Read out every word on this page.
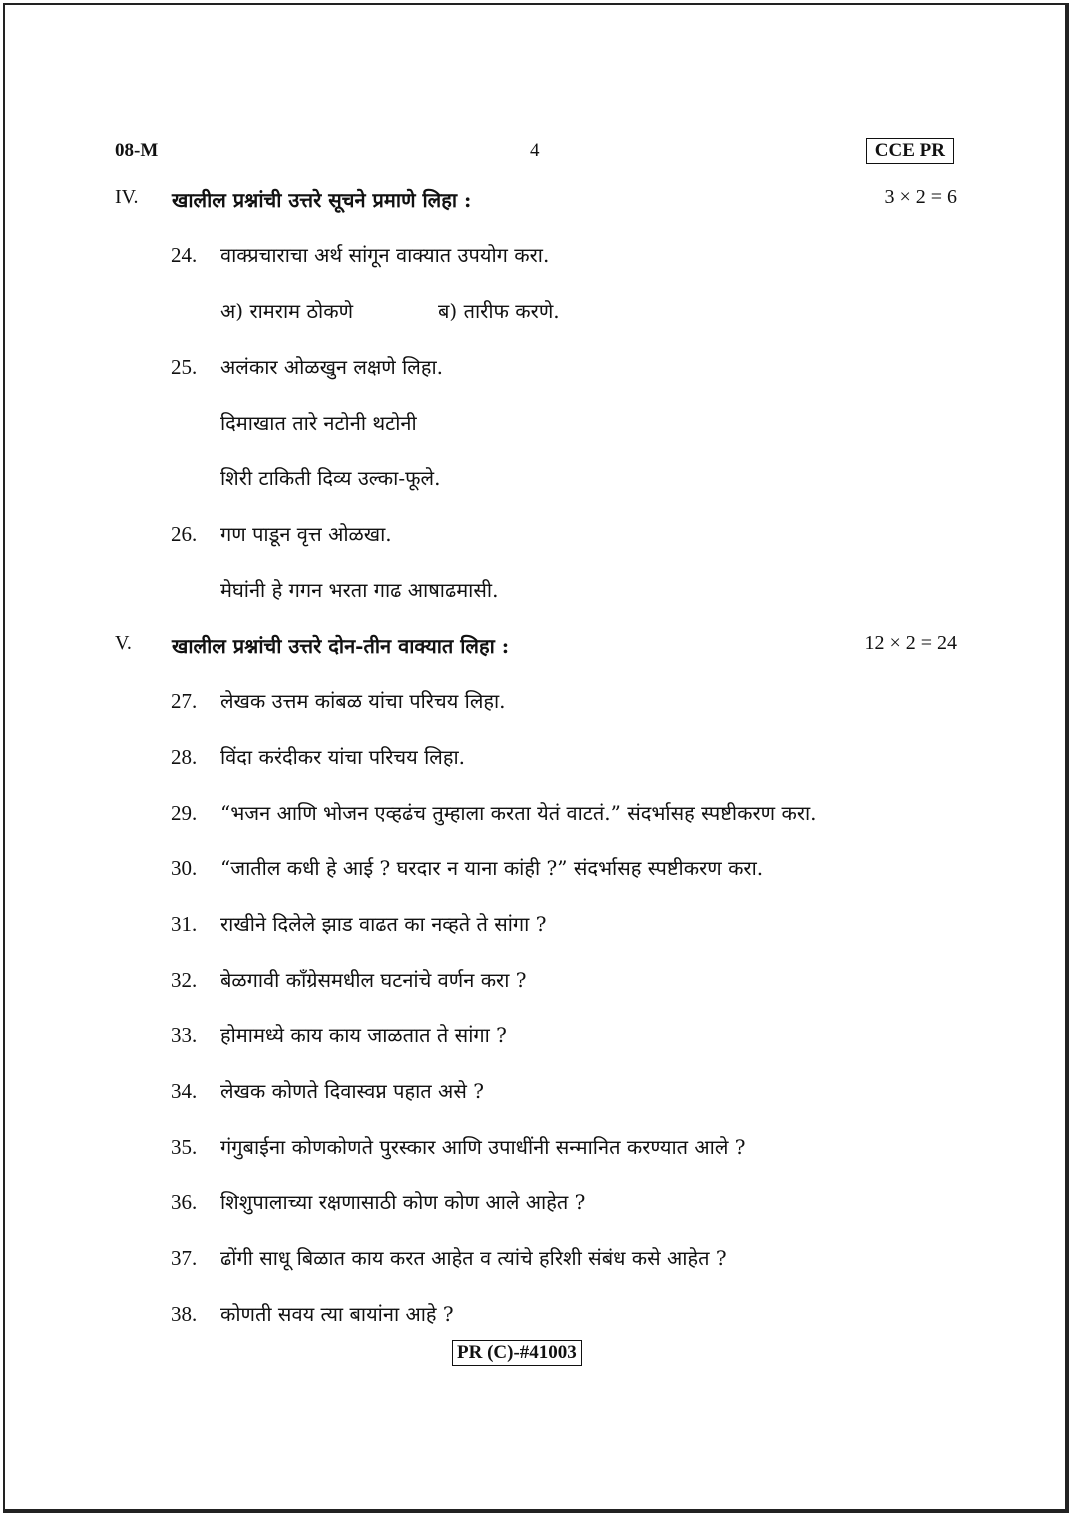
08-M	4	CCE PR
IV. खालील प्रश्नांची उत्तरे सूचने प्रमाणे लिहा :	3 × 2 = 6
24. वाक्प्रचाराचा अर्थ सांगून वाक्यात उपयोग करा.
अ) रामराम ठोकणे	ब) तारीफ करणे.
25. अलंकार ओळखुन लक्षणे लिहा.
दिमाखात तारे नटोनी थटोनी
शिरी टाकिती दिव्य उल्का-फूले.
26. गण पाडून वृत्त ओळखा.
मेघांनी हे गगन भरता गाढ आषाढमासी.
V. खालील प्रश्नांची उत्तरे दोन-तीन वाक्यात लिहा :	12 × 2 = 24
27. लेखक उत्तम कांबळ यांचा परिचय लिहा.
28. विंदा करंदीकर यांचा परिचय लिहा.
29. “भजन आणि भोजन एव्हढंच तुम्हाला करता येतं वाटतं.” संदर्भासह स्पष्टीकरण करा.
30. “जातील कधी हे आई ? घरदार न याना कांही ?” संदर्भासह स्पष्टीकरण करा.
31. राखीने दिलेले झाड वाढत का नव्हते ते सांगा ?
32. बेळगावी कॉंग्रेसमधील घटनांचे वर्णन करा ?
33. होमामध्ये काय काय जाळतात ते सांगा ?
34. लेखक कोणते दिवास्वप्न पहात असे ?
35. गंगुबाईना कोणकोणते पुरस्कार आणि उपाधींनी सन्मानित करण्यात आले ?
36. शिशुपालाच्या रक्षणासाठी कोण कोण आले आहेत ?
37. ढोंगी साधू बिळात काय करत आहेत व त्यांचे हरिशी संबंध कसे आहेत ?
38. कोणती सवय त्या बायांना आहे ?
PR (C)-#41003
